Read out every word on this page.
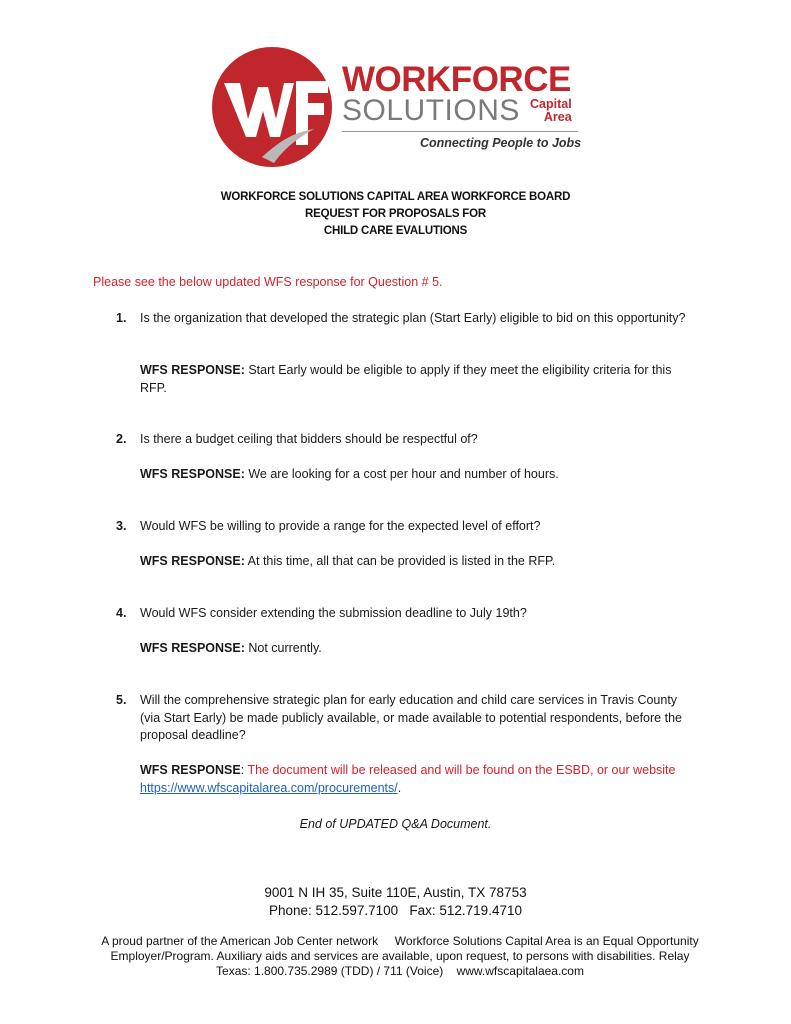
WORKFORCE
SOLUTIONS Capital
Area
Connecting People to Jobs
WORKFORCE SOLUTIONS CAPITAL AREA WORKFORCE BOARD
REQUEST FOR PROPOSALS FOR
CHILD CARE EVALUTIONS
Please see the below updated WFS response for Question # 5.
1. Is the organization that developed the strategic plan (Start Early) eligible to bid on this opportunity?
WFS RESPONSE: Start Early would be eligible to apply if they meet the eligibility criteria for this RFP.
2. Is there a budget ceiling that bidders should be respectful of?
WFS RESPONSE: We are looking for a cost per hour and number of hours.
3. Would WFS be willing to provide a range for the expected level of effort?
WFS RESPONSE: At this time, all that can be provided is listed in the RFP.
4. Would WFS consider extending the submission deadline to July 19th?
WFS RESPONSE: Not currently.
5. Will the comprehensive strategic plan for early education and child care services in Travis County (via Start Early) be made publicly available, or made available to potential respondents, before the proposal deadline?
WFS RESPONSE: The document will be released and will be found on the ESBD, or our website
https://www.wfscapitalarea.com/procurements/.
End of UPDATED Q&A Document.
9001 N IH 35, Suite 110E, Austin, TX 78753
Phone: 512.597.7100   Fax: 512.719.4710
A proud partner of the American Job Center network Workforce Solutions Capital Area is an Equal Opportunity Employer/Program. Auxiliary aids and services are available, upon request, to persons with disabilities. Relay Texas: 1.800.735.2989 (TDD) / 711 (Voice) www.wfscapitalaea.com
